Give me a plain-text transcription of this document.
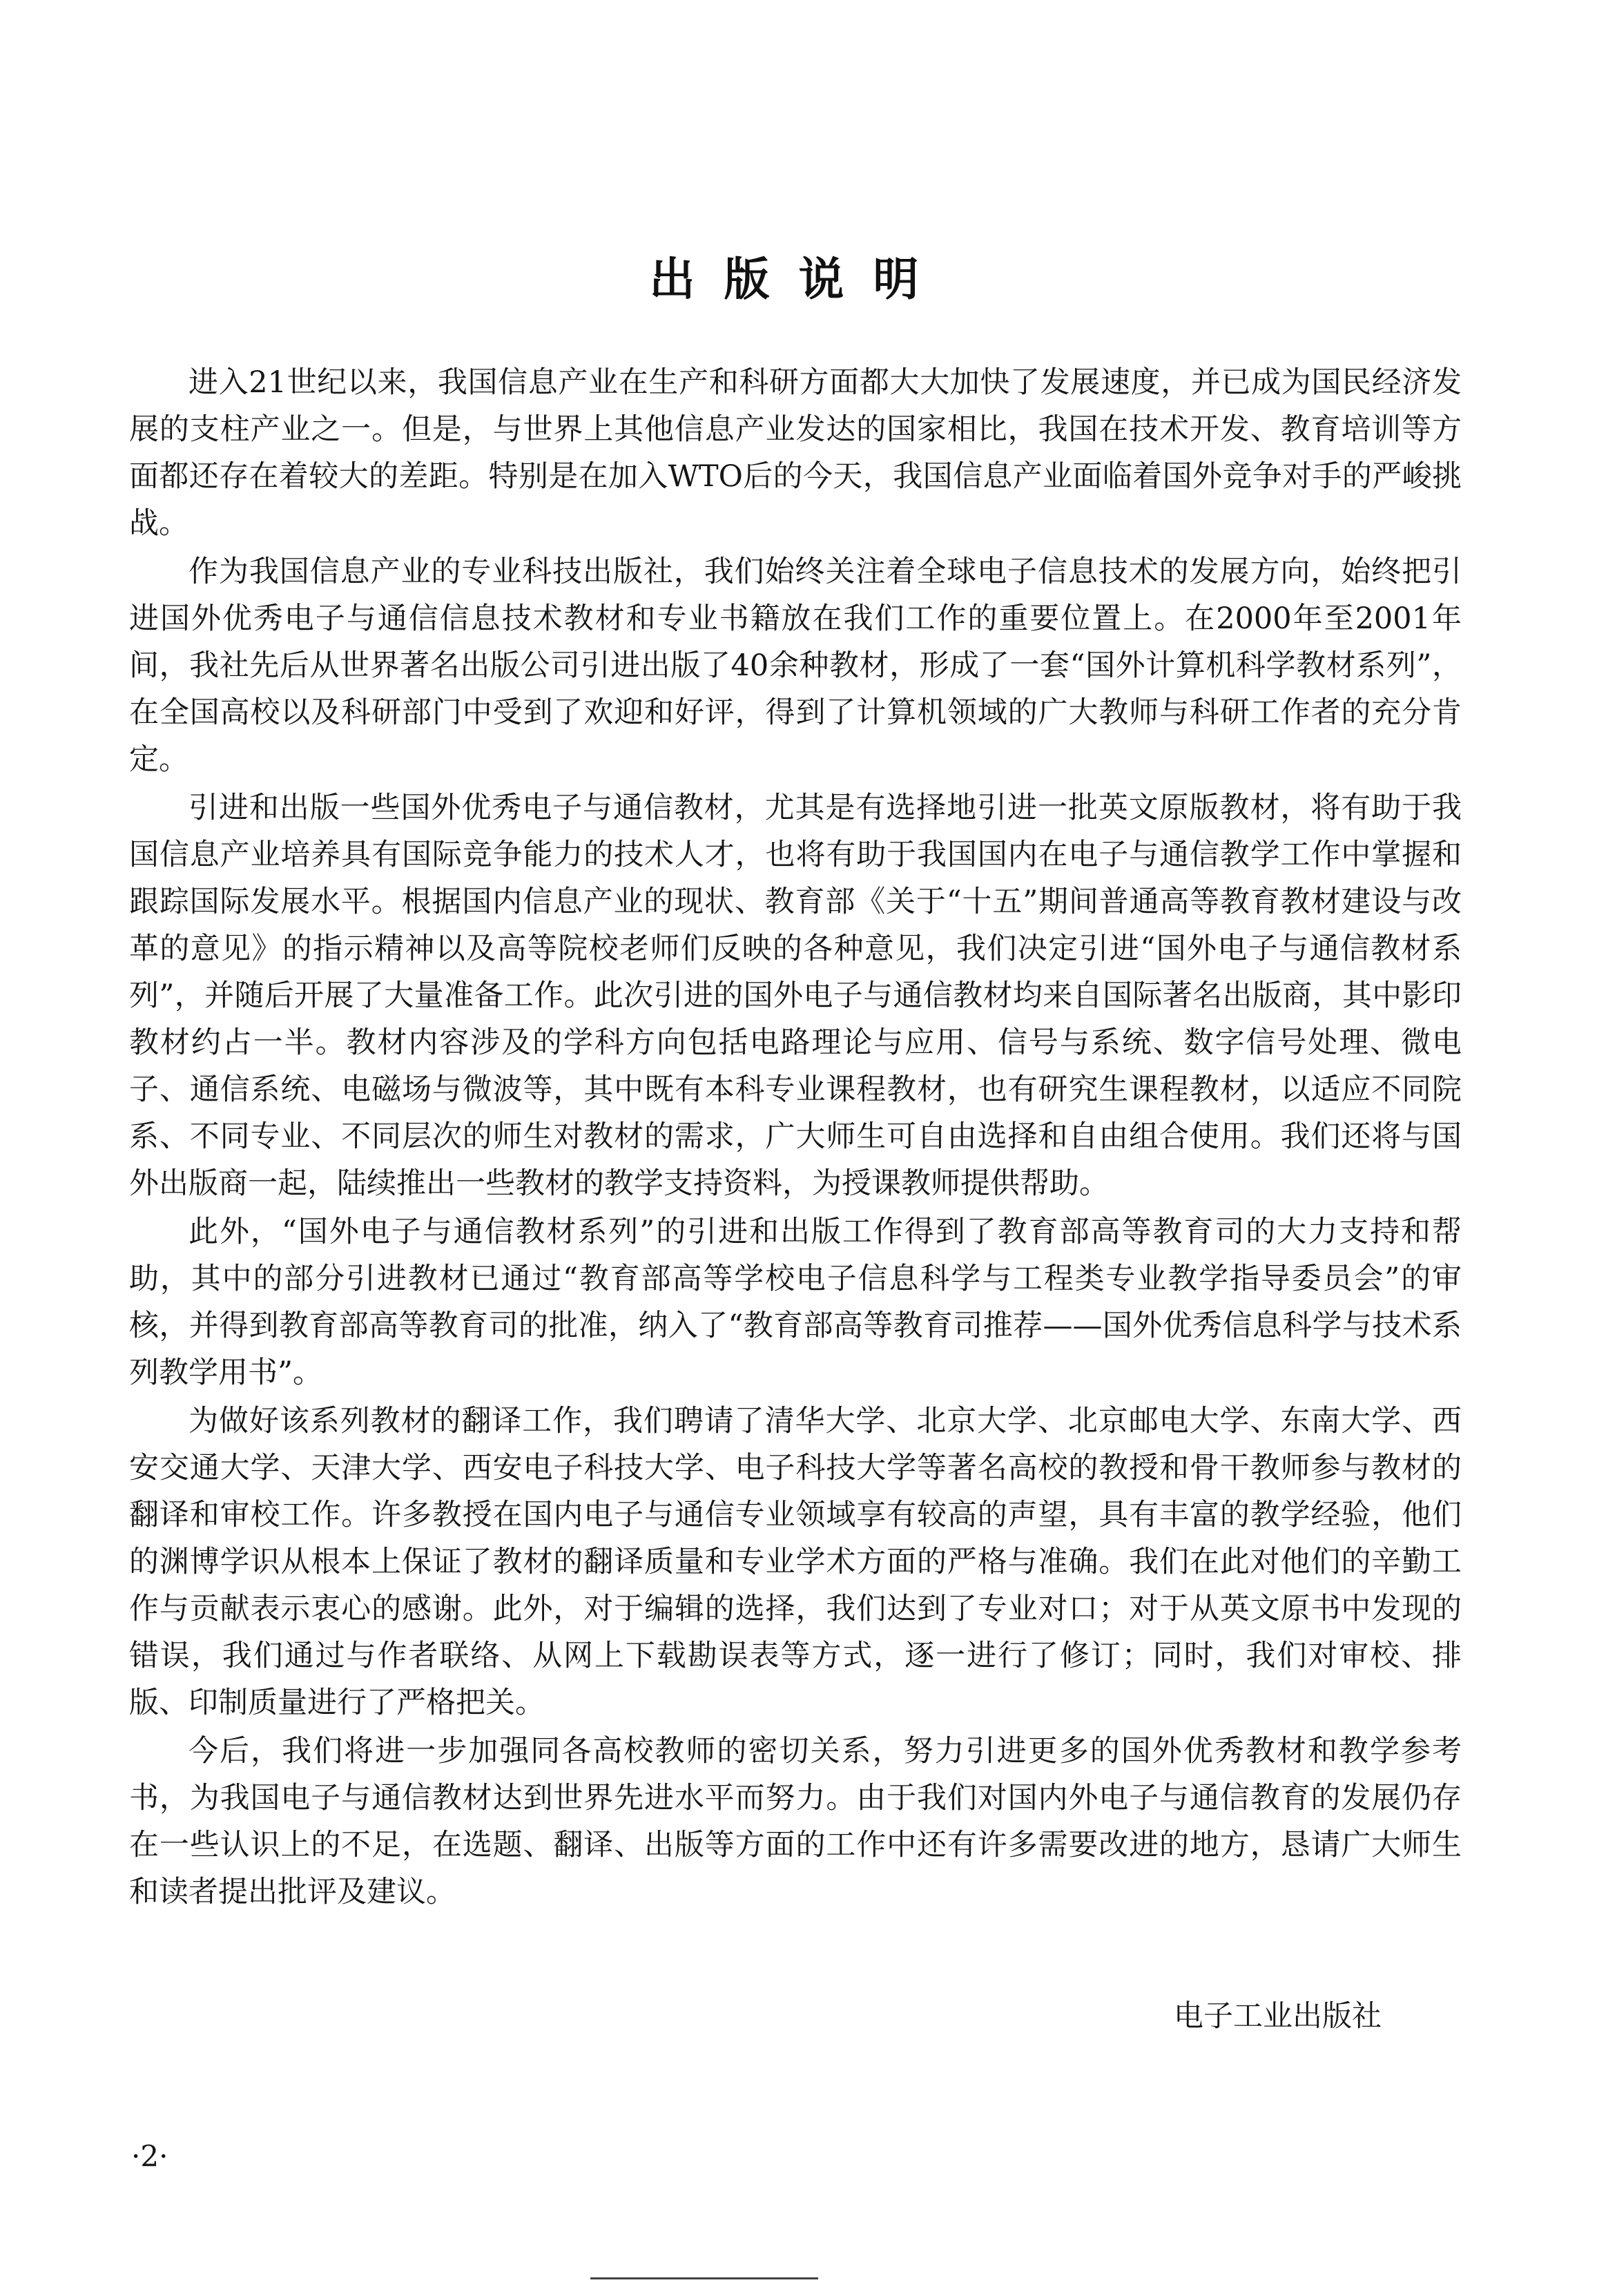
出版说明

进入21世纪以来，我国信息产业在生产和科研方面都大大加快了发展速度，并已成为国民经济发展的支柱产业之一。但是，与世界上其他信息产业发达的国家相比，我国在技术开发、教育培训等方面都还存在着较大的差距。特别是在加入WTO后的今天，我国信息产业面临着国外竞争对手的严峻挑战。

作为我国信息产业的专业科技出版社，我们始终关注着全球电子信息技术的发展方向，始终把引进国外优秀电子与通信信息技术教材和专业书籍放在我们工作的重要位置上。在2000年至2001年间，我社先后从世界著名出版公司引进出版了40余种教材，形成了一套“国外计算机科学教材系列”，在全国高校以及科研部门中受到了欢迎和好评，得到了计算机领域的广大教师与科研工作者的充分肯定。

引进和出版一些国外优秀电子与通信教材，尤其是有选择地引进一批英文原版教材，将有助于我国信息产业培养具有国际竞争能力的技术人才，也将有助于我国国内在电子与通信教学工作中掌握和跟踪国际发展水平。根据国内信息产业的现状、教育部《关于“十五”期间普通高等教育教材建设与改革的意见》的指示精神以及高等院校老师们反映的各种意见，我们决定引进“国外电子与通信教材系列”，并随后开展了大量准备工作。此次引进的国外电子与通信教材均来自国际著名出版商，其中影印教材约占一半。教材内容涉及的学科方向包括电路理论与应用、信号与系统、数字信号处理、微电子、通信系统、电磁场与微波等，其中既有本科专业课程教材，也有研究生课程教材，以适应不同院系、不同专业、不同层次的师生对教材的需求，广大师生可自由选择和自由组合使用。我们还将与国外出版商一起，陆续推出一些教材的教学支持资料，为授课教师提供帮助。

此外，“国外电子与通信教材系列”的引进和出版工作得到了教育部高等教育司的大力支持和帮助，其中的部分引进教材已通过“教育部高等学校电子信息科学与工程类专业教学指导委员会”的审核，并得到教育部高等教育司的批准，纳入了“教育部高等教育司推荐——国外优秀信息科学与技术系列教学用书”。

为做好该系列教材的翻译工作，我们聘请了清华大学、北京大学、北京邮电大学、东南大学、西安交通大学、天津大学、西安电子科技大学、电子科技大学等著名高校的教授和骨干教师参与教材的翻译和审校工作。许多教授在国内电子与通信专业领域享有较高的声望，具有丰富的教学经验，他们的渊博学识从根本上保证了教材的翻译质量和专业学术方面的严格与准确。我们在此对他们的辛勤工作与贡献表示衷心的感谢。此外，对于编辑的选择，我们达到了专业对口；对于从英文原书中发现的错误，我们通过与作者联络、从网上下载勘误表等方式，逐一进行了修订；同时，我们对审校、排版、印制质量进行了严格把关。

今后，我们将进一步加强同各高校教师的密切关系，努力引进更多的国外优秀教材和教学参考书，为我国电子与通信教材达到世界先进水平而努力。由于我们对国内外电子与通信教育的发展仍存在一些认识上的不足，在选题、翻译、出版等方面的工作中还有许多需要改进的地方，恳请广大师生和读者提出批评及建议。

电子工业出版社
·2·
